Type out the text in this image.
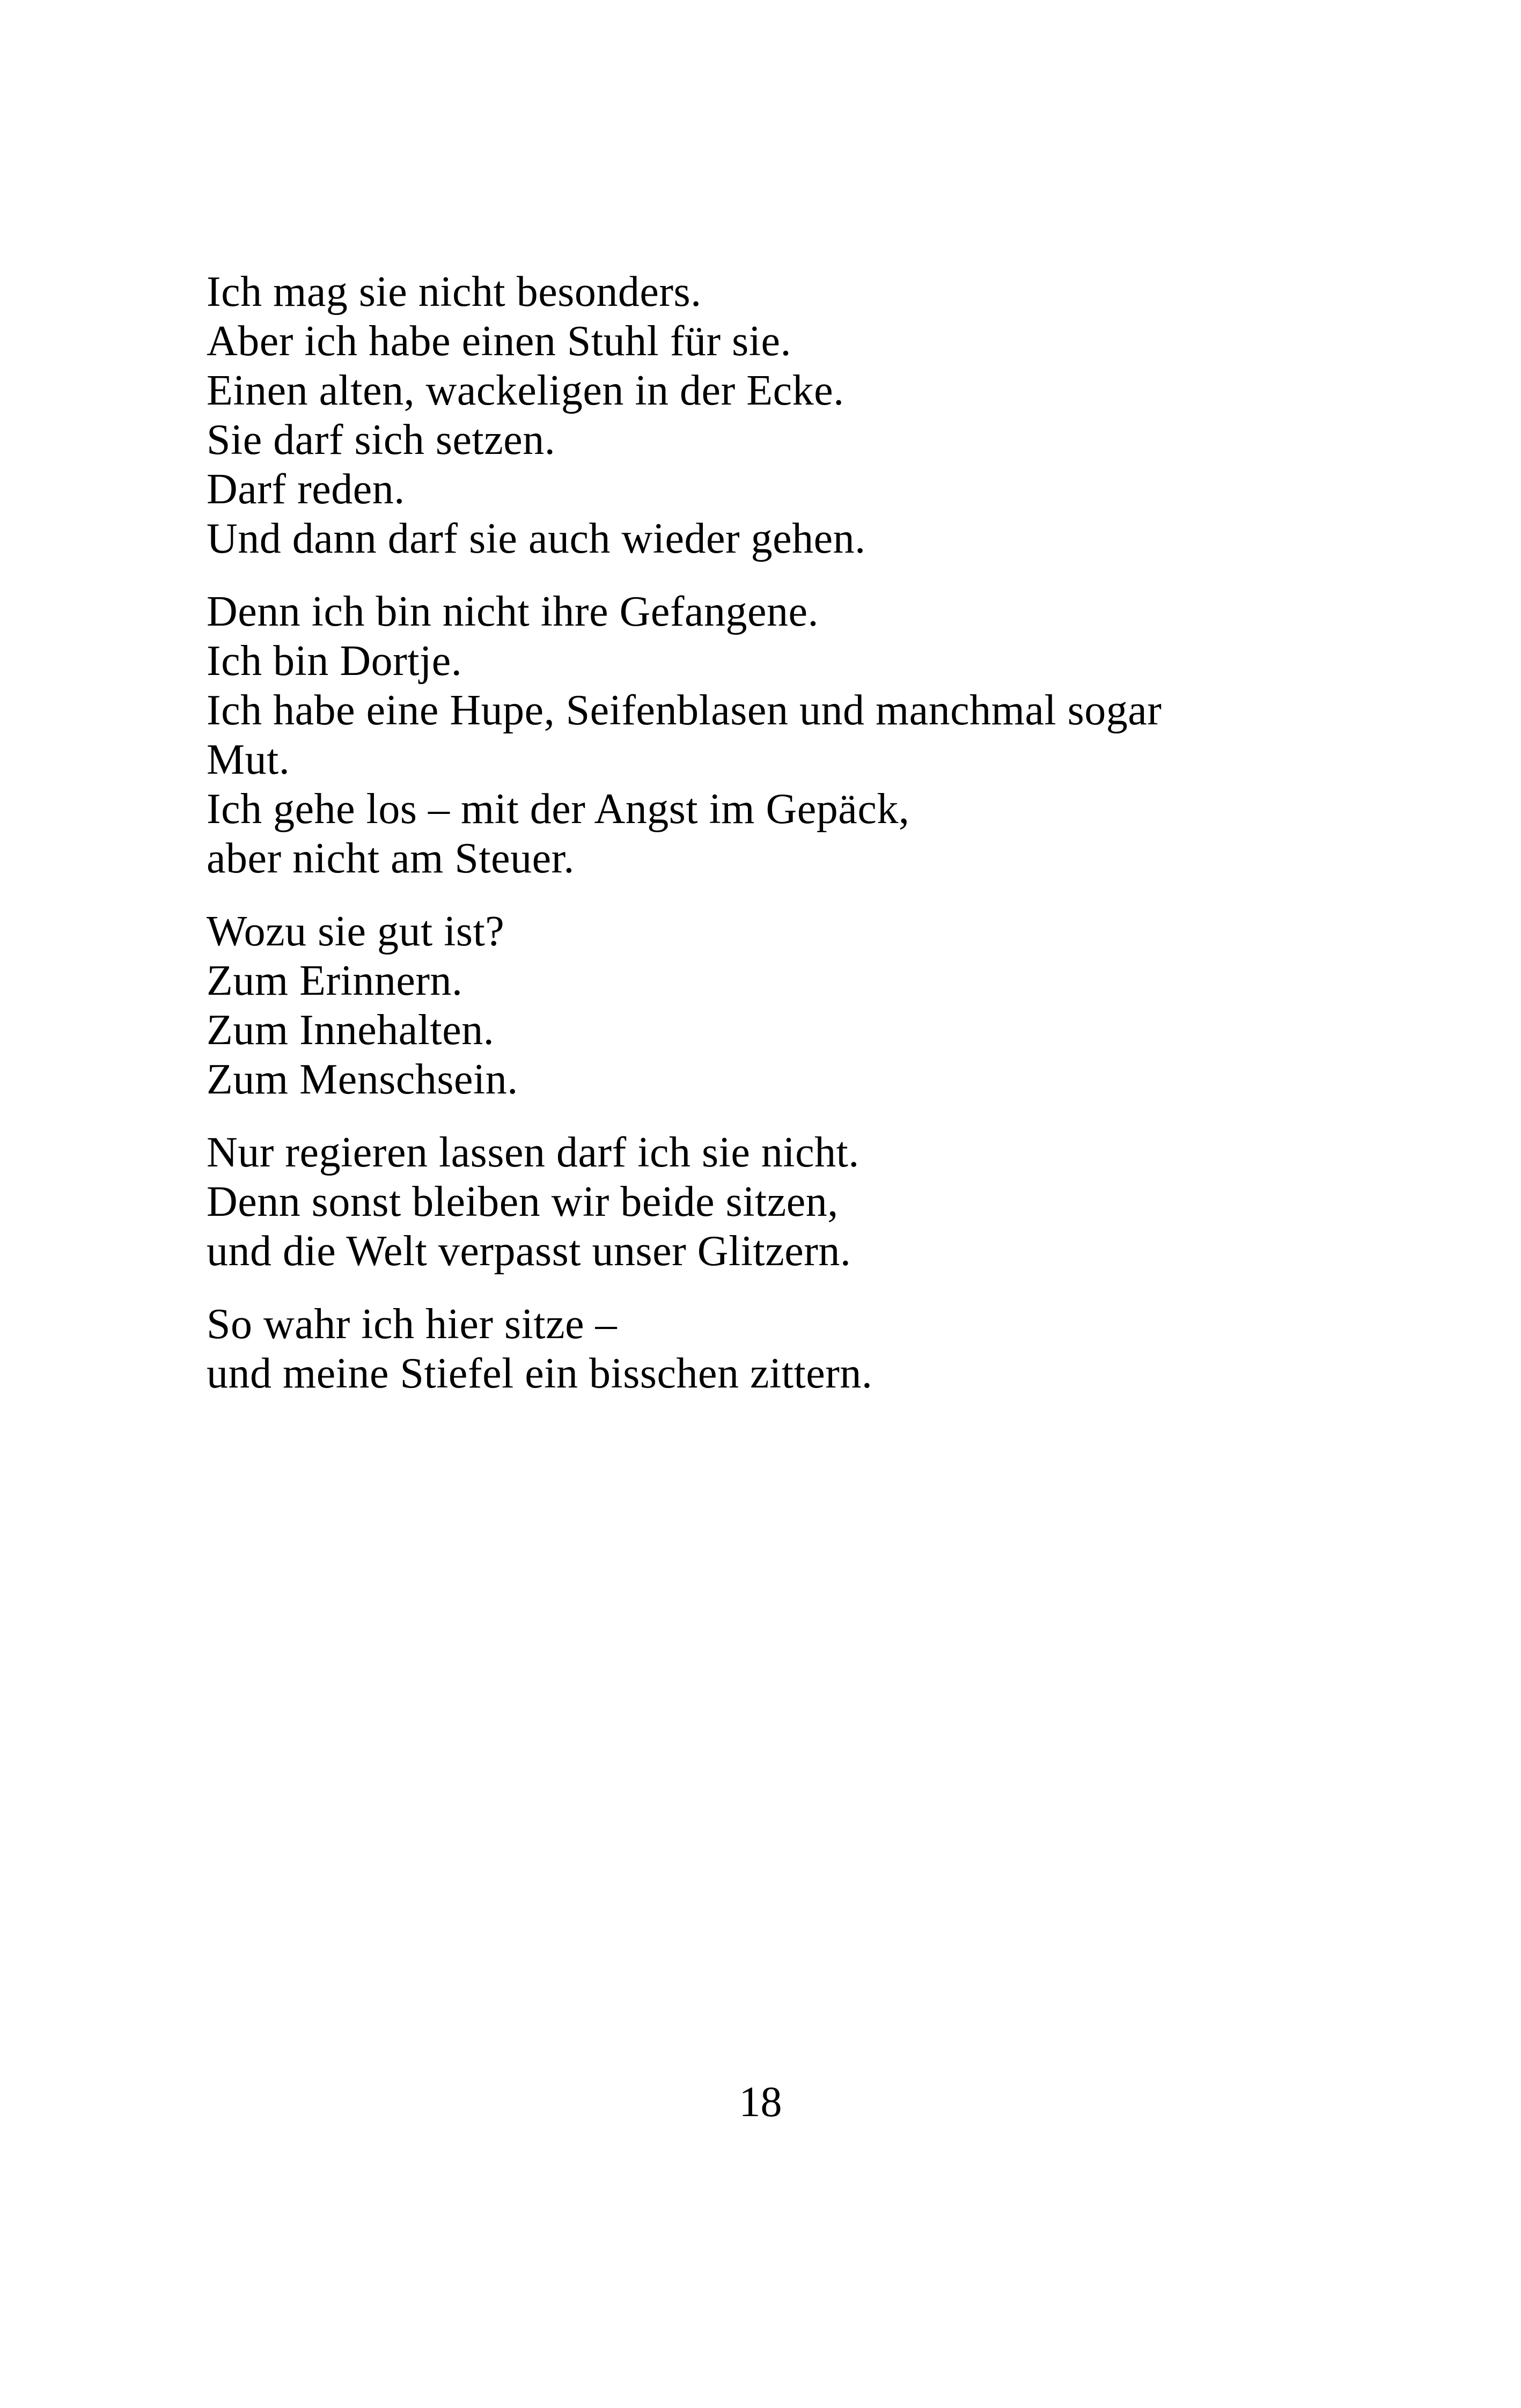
Ich mag sie nicht besonders.
Aber ich habe einen Stuhl für sie.
Einen alten, wackeligen in der Ecke.
Sie darf sich setzen.
Darf reden.
Und dann darf sie auch wieder gehen.
Denn ich bin nicht ihre Gefangene.
Ich bin Dortje.
Ich habe eine Hupe, Seifenblasen und manchmal sogar
Mut.
Ich gehe los – mit der Angst im Gepäck,
aber nicht am Steuer.
Wozu sie gut ist?
Zum Erinnern.
Zum Innehalten.
Zum Menschsein.
Nur regieren lassen darf ich sie nicht.
Denn sonst bleiben wir beide sitzen,
und die Welt verpasst unser Glitzern.
So wahr ich hier sitze –
und meine Stiefel ein bisschen zittern.
18
